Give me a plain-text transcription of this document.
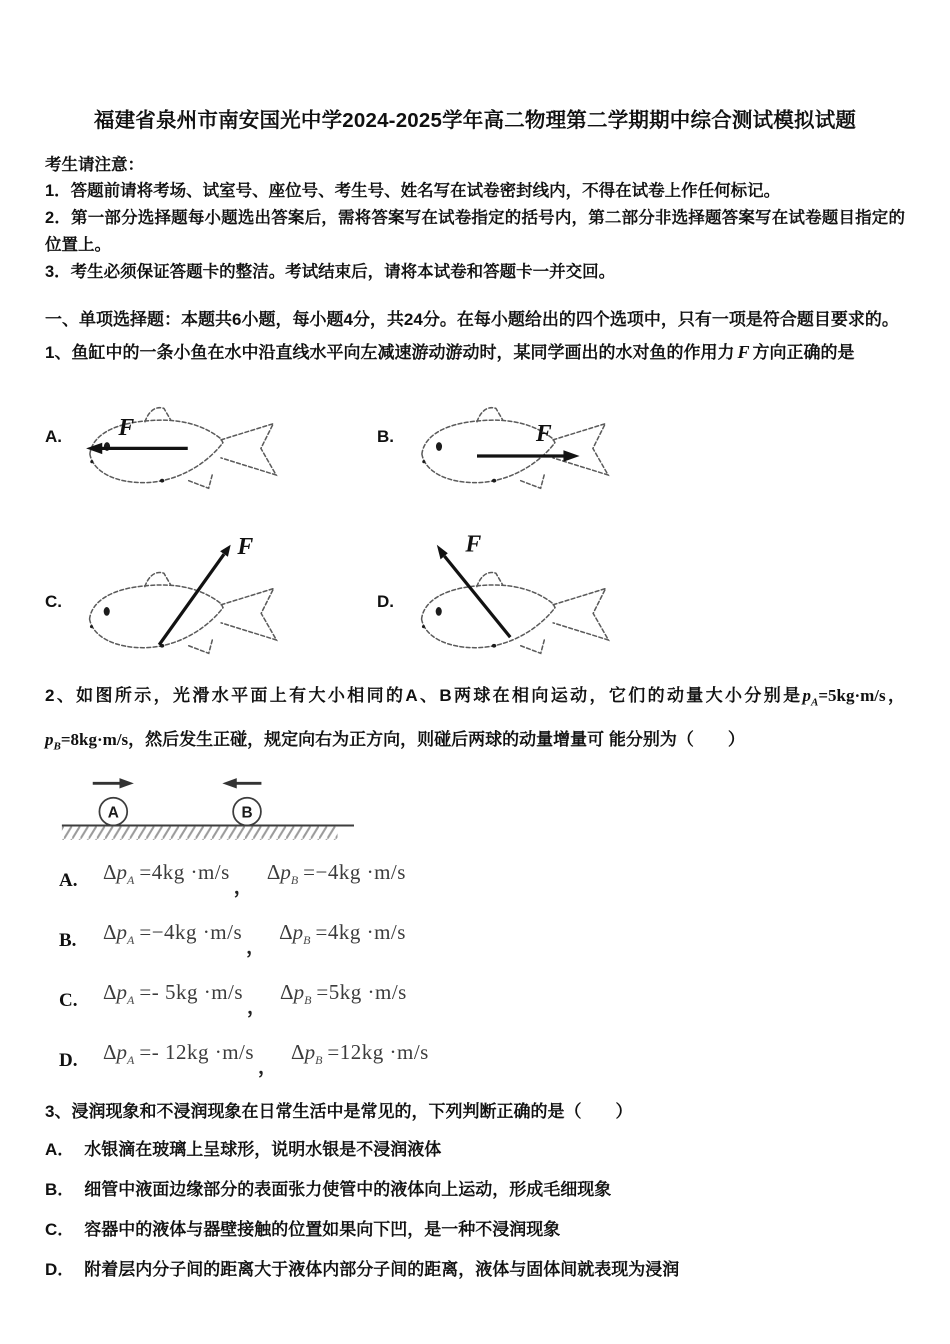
福建省泉州市南安国光中学2024-2025学年高二物理第二学期期中综合测试模拟试题

考生请注意：

1．答题前请将考场、试室号、座位号、考生号、姓名写在试卷密封线内，不得在试卷上作任何标记。

2．第一部分选择题每小题选出答案后，需将答案写在试卷指定的括号内，第二部分非选择题答案写在试卷题目指定的位置上。

3．考生必须保证答题卡的整洁。考试结束后，请将本试卷和答题卡一并交回。

一、单项选择题：本题共6小题，每小题4分，共24分。在每小题给出的四个选项中，只有一项是符合题目要求的。

1、鱼缸中的一条小鱼在水中沿直线水平向左减速游动游动时，某同学画出的水对鱼的作用力 F 方向正确的是

A. F	B.	F
C.
F
D.
F

2、如图所示，光滑水平面上有大小相同的A、B两球在相向运动，它们的动量大小分别是$p_A=5kg\cdot m/s$，$p_B=8kg\cdot m/s$，然后发生正碰，规定向右为正方向，则碰后两球的动量增量可 能分别为（　　）

A	B
A.	$\Delta p_A =4kg \cdot m/s$
，
$\Delta p_B =-4kg \cdot m/s$
B.	$\Delta p_A =-4kg \cdot m/s$
，
$\Delta p_B =4kg \cdot m/s$
C.	$\Delta p_A =- 5kg \cdot m/s$
，
$\Delta p_B =5kg \cdot m/s$
D.	$\Delta p_A =- 12kg \cdot m/s$
，
$\Delta p_B =12kg \cdot m/s$

3、浸润现象和不浸润现象在日常生活中是常见的，下列判断正确的是（　　）

A． 水银滴在玻璃上呈球形，说明水银是不浸润液体
B． 细管中液面边缘部分的表面张力使管中的液体向上运动，形成毛细现象
C． 容器中的液体与器壁接触的位置如果向下凹，是一种不浸润现象
D． 附着层内分子间的距离大于液体内部分子间的距离，液体与固体间就表现为浸润
